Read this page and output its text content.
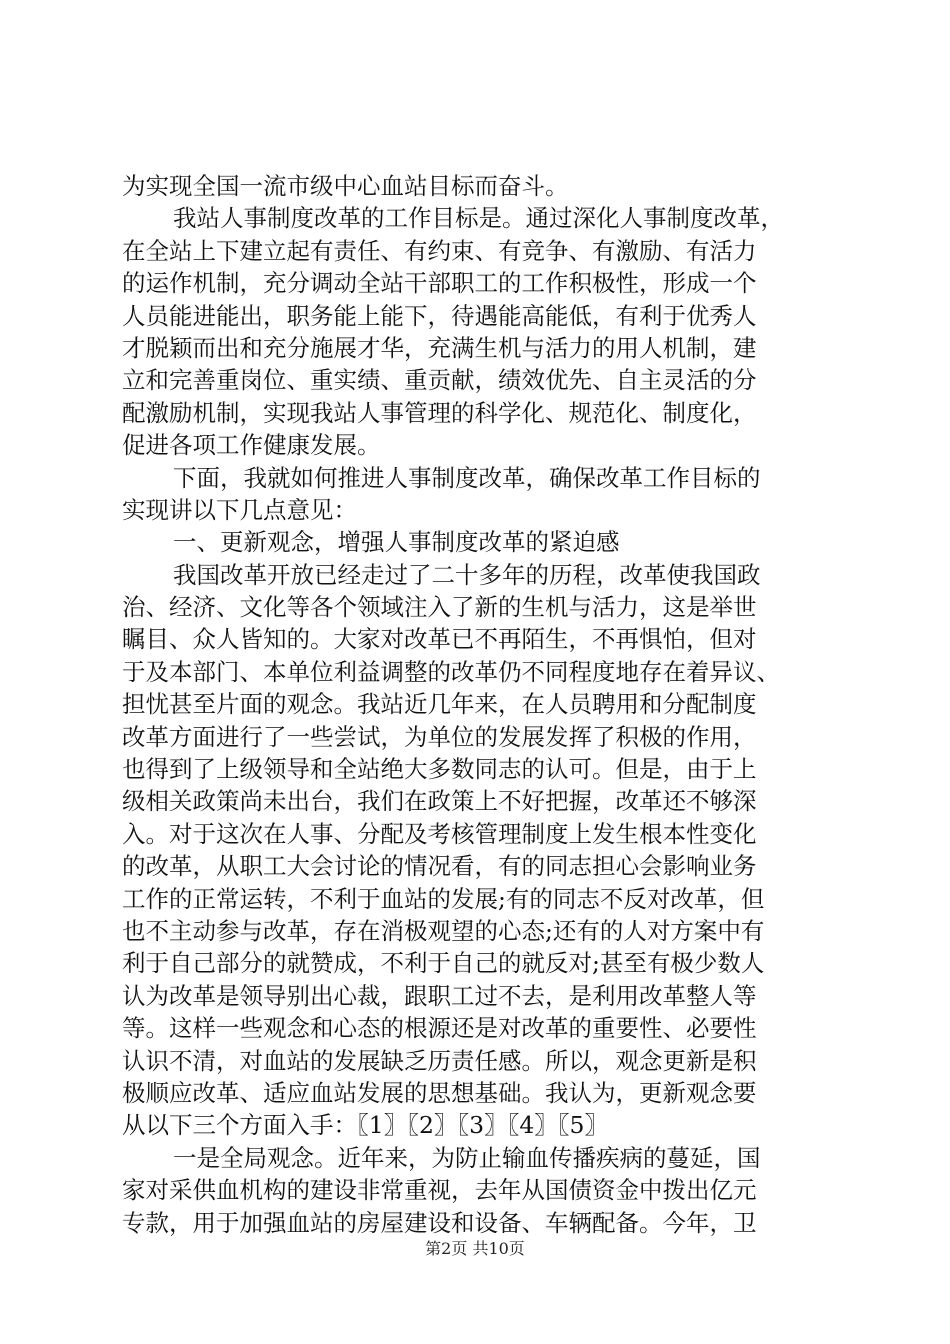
为实现全国一流市级中心血站目标而奋斗。
我站人事制度改革的工作目标是。通过深化人事制度改革，
在全站上下建立起有责任、有约束、有竞争、有激励、有活力
的运作机制，充分调动全站干部职工的工作积极性，形成一个
人员能进能出，职务能上能下，待遇能高能低，有利于优秀人
才脱颖而出和充分施展才华，充满生机与活力的用人机制，建
立和完善重岗位、重实绩、重贡献，绩效优先、自主灵活的分
配激励机制，实现我站人事管理的科学化、规范化、制度化，
促进各项工作健康发展。
下面，我就如何推进人事制度改革，确保改革工作目标的
实现讲以下几点意见：
一、更新观念，增强人事制度改革的紧迫感
我国改革开放已经走过了二十多年的历程，改革使我国政
治、经济、文化等各个领域注入了新的生机与活力，这是举世
瞩目、众人皆知的。大家对改革已不再陌生，不再惧怕，但对
于及本部门、本单位利益调整的改革仍不同程度地存在着异议、
担忧甚至片面的观念。我站近几年来，在人员聘用和分配制度
改革方面进行了一些尝试，为单位的发展发挥了积极的作用，
也得到了上级领导和全站绝大多数同志的认可。但是，由于上
级相关政策尚未出台，我们在政策上不好把握，改革还不够深
入。对于这次在人事、分配及考核管理制度上发生根本性变化
的改革，从职工大会讨论的情况看，有的同志担心会影响业务
工作的正常运转，不利于血站的发展;有的同志不反对改革，但
也不主动参与改革，存在消极观望的心态;还有的人对方案中有
利于自己部分的就赞成，不利于自己的就反对;甚至有极少数人
认为改革是领导别出心裁，跟职工过不去，是利用改革整人等
等。这样一些观念和心态的根源还是对改革的重要性、必要性
认识不清，对血站的发展缺乏历责任感。所以，观念更新是积
极顺应改革、适应血站发展的思想基础。我认为，更新观念要
从以下三个方面入手：〖1〗〖2〗〖3〗〖4〗〖5〗
一是全局观念。近年来，为防止输血传播疾病的蔓延，国
家对采供血机构的建设非常重视，去年从国债资金中拨出亿元
专款，用于加强血站的房屋建设和设备、车辆配备。今年，卫
第2页 共10页
